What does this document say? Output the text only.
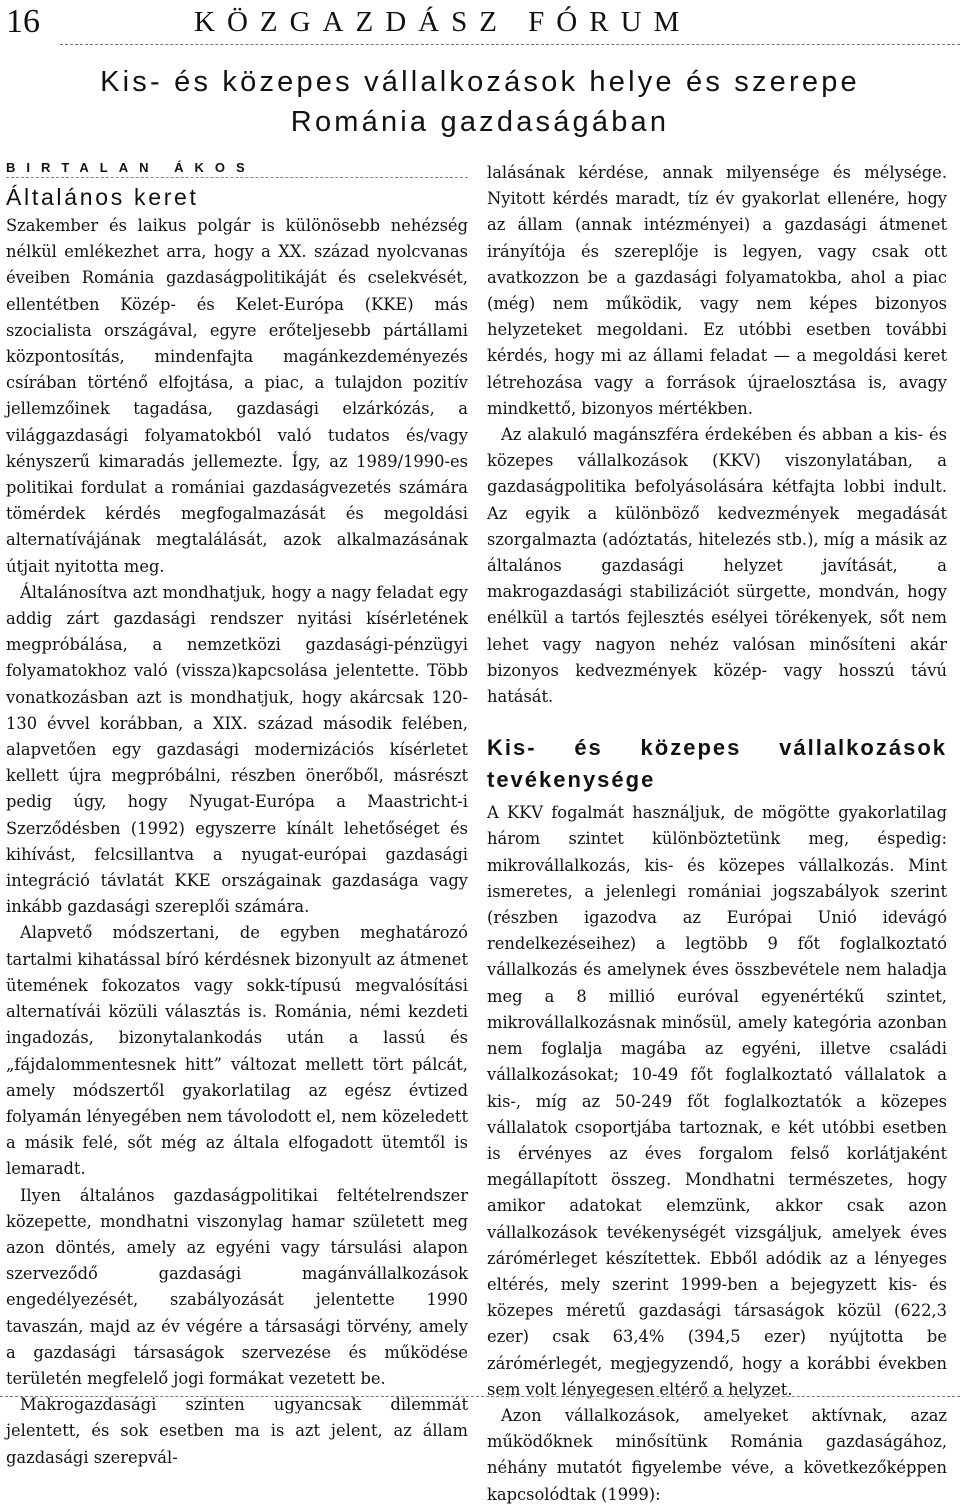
16	KÖZGAZDÁSZ FÓRUM
Kis- és közepes vállalkozások helye és szerepe
Románia gazdaságában
BIRTALAN ÁKOS
Általános keret

Szakember és laikus polgár is különösebb nehézség nélkül emlékezhet arra, hogy a XX. század nyolcvanas éveiben Románia gazdaságpolitikáját és cselekvését, ellentétben Közép- és Kelet-Európa (KKE) más szocialista országával, egyre erőteljesebb pártállami központosítás, mindenfajta magánkezdeményezés csírában történő elfojtása, a piac, a tulajdon pozitív jellemzőinek tagadása, gazdasági elzárkózás, a világgazdasági folyamatokból való tudatos és/vagy kényszerű kimaradás jellemezte. Így, az 1989/1990-es politikai fordulat a romániai gazdaságvezetés számára tömérdek kérdés megfogalmazását és megoldási alternatívájának megtalálását, azok alkalmazásának útjait nyitotta meg.

Általánosítva azt mondhatjuk, hogy a nagy feladat egy addig zárt gazdasági rendszer nyitási kísérletének megpróbálása, a nemzetközi gazdasági-pénzügyi folyamatokhoz való (vissza)kapcsolása jelentette. Több vonatkozásban azt is mondhatjuk, hogy akárcsak 120-130 évvel korábban, a XIX. század második felében, alapvetően egy gazdasági modernizációs kísérletet kellett újra megpróbálni, részben önerőből, másrészt pedig úgy, hogy Nyugat-Európa a Maastricht-i Szerződésben (1992) egyszerre kínált lehetőséget és kihívást, felcsillantva a nyugat-európai gazdasági integráció távlatát KKE országainak gazdasága vagy inkább gazdasági szereplői számára.

Alapvető módszertani, de egyben meghatározó tartalmi kihatással bíró kérdésnek bizonyult az átmenet ütemének fokozatos vagy sokk-típusú megvalósítási alternatívái közüli választás is. Románia, némi kezdeti ingadozás, bizonytalankodás után a lassú és „fájdalommentesnek hitt” változat mellett tört pálcát, amely módszertől gyakorlatilag az egész évtized folyamán lényegében nem távolodott el, nem közeledett a másik felé, sőt még az általa elfogadott ütemtől is lemaradt.

Ilyen általános gazdaságpolitikai feltételrendszer közepette, mondhatni viszonylag hamar született meg azon döntés, amely az egyéni vagy társulási alapon szerveződő gazdasági magánvállalkozások engedélyezését, szabályozását jelentette 1990 tavaszán, majd az év végére a társasági törvény, amely a gazdasági társaságok szervezése és működése területén megfelelő jogi formákat vezetett be.

Makrogazdasági szinten ugyancsak dilemmát jelentett, és sok esetben ma is azt jelent, az állam gazdasági szerepvál-

lalásának kérdése, annak milyensége és mélysége. Nyitott kérdés maradt, tíz év gyakorlat ellenére, hogy az állam (annak intézményei) a gazdasági átmenet irányítója és szereplője is legyen, vagy csak ott avatkozzon be a gazdasági folyamatokba, ahol a piac (még) nem működik, vagy nem képes bizonyos helyzeteket megoldani. Ez utóbbi esetben további kérdés, hogy mi az állami feladat — a megoldási keret létrehozása vagy a források újraelosztása is, avagy mindkettő, bizonyos mértékben.

Az alakuló magánszféra érdekében és abban a kis- és közepes vállalkozások (KKV) viszonylatában, a gazdaságpolitika befolyásolására kétfajta lobbi indult. Az egyik a különböző kedvezmények megadását szorgalmazta (adóztatás, hitelezés stb.), míg a másik az általános gazdasági helyzet javítását, a makrogazdasági stabilizációt sürgette, mondván, hogy enélkül a tartós fejlesztés esélyei törékenyek, sőt nem lehet vagy nagyon nehéz valósan minősíteni akár bizonyos kedvezmények közép- vagy hosszú távú hatását.

Kis- és közepes vállalkozások tevékenysége

A KKV fogalmát használjuk, de mögötte gyakorlatilag három szintet különböztetünk meg, éspedig: mikrovállalkozás, kis- és közepes vállalkozás. Mint ismeretes, a jelenlegi romániai jogszabályok szerint (részben igazodva az Európai Unió idevágó rendelkezéseihez) a legtöbb 9 főt foglalkoztató vállalkozás és amelynek éves összbevétele nem haladja meg a 8 millió euróval egyenértékű szintet, mikrovállalkozásnak minősül, amely kategória azonban nem foglalja magába az egyéni, illetve családi vállalkozásokat; 10-49 főt foglalkoztató vállalatok a kis-, míg az 50-249 főt foglalkoztatók a közepes vállalatok csoportjába tartoznak, e két utóbbi esetben is érvényes az éves forgalom felső korlátjaként megállapított összeg. Mondhatni természetes, hogy amikor adatokat elemzünk, akkor csak azon vállalkozások tevékenységét vizsgáljuk, amelyek éves zárómérleget készítettek. Ebből adódik az a lényeges eltérés, mely szerint 1999-ben a bejegyzett kis- és közepes méretű gazdasági társaságok közül (622,3 ezer) csak 63,4% (394,5 ezer) nyújtotta be zárómérlegét, megjegyzendő, hogy a korábbi években sem volt lényegesen eltérő a helyzet.

Azon vállalkozások, amelyeket aktívnak, azaz működőknek minősítünk Románia gazdaságához, néhány mutatót figyelembe véve, a következőképpen kapcsolódtak (1999):
